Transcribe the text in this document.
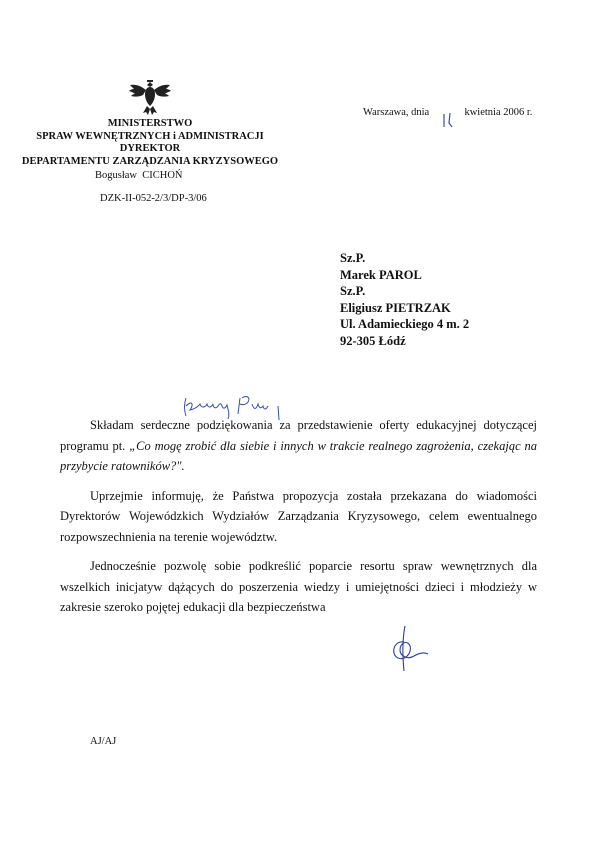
MINISTERSTWO
SPRAW WEWNĘTRZNYCH i ADMINISTRACJI
DYREKTOR
DEPARTAMENTU ZARZĄDZANIA KRYZYSOWEGO
Bogusław  CICHOŃ
DZK-II-052-2/3/DP-3/06
Warszawa, dnia	kwietnia 2006 r.
Sz.P.
Marek PAROL
Sz.P.
Eligiusz PIETRZAK
Ul. Adamieckiego 4 m. 2
92-305 Łódź

Składam serdeczne podziękowania za przedstawienie oferty edukacyjnej dotyczącej programu pt. „Co mogę zrobić dla siebie i innych w trakcie realnego zagrożenia, czekając na przybycie ratowników?".

Uprzejmie informuję, że Państwa propozycja została przekazana do wiadomości Dyrektorów Wojewódzkich Wydziałów Zarządzania Kryzysowego, celem ewentualnego rozpowszechnienia na terenie województw.

Jednocześnie pozwolę sobie podkreślić poparcie resortu spraw wewnętrznych dla wszelkich inicjatyw dążących do poszerzenia wiedzy i umiejętności dzieci i młodzieży w zakresie szeroko pojętej edukacji dla bezpieczeństwa

AJ/AJ
